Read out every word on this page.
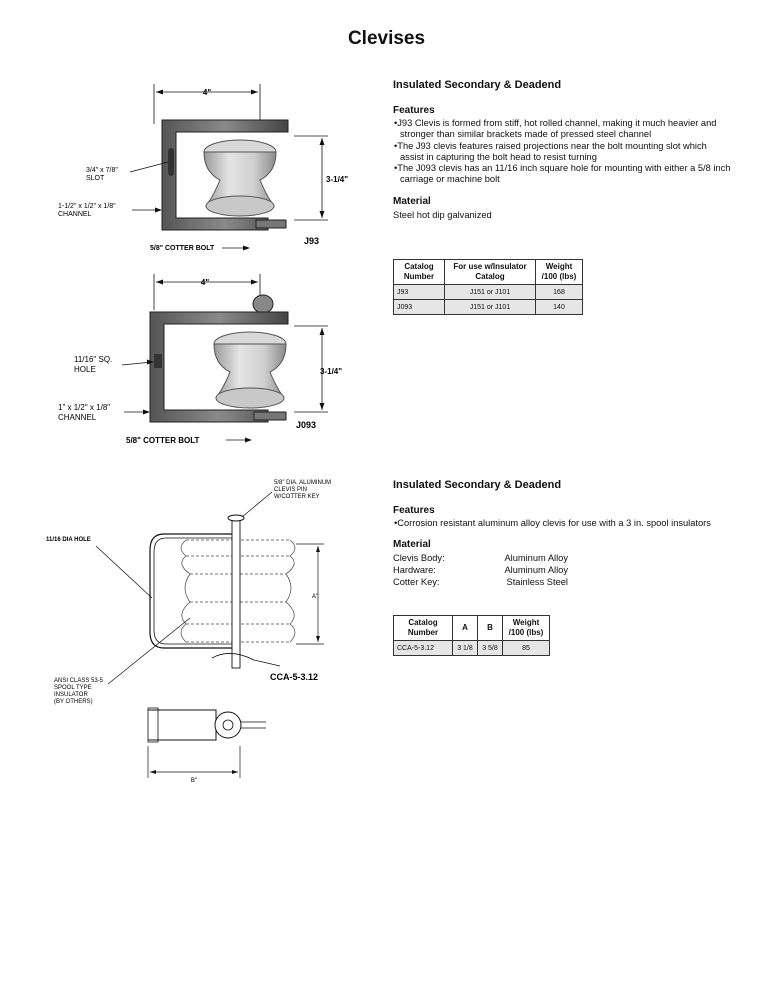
Clevises
4"
3-1/4"
3/4" x 7/8" SLOT
1-1/2" x 1/2" x 1/8" CHANNEL
5/8" COTTER BOLT
J93
4"
3-1/4"
11/16" SQ. HOLE
1" x 1/2" x 1/8" CHANNEL
5/8" COTTER BOLT
J093
5/8" DIA. ALUMINUM CLEVIS PIN W/COTTER KEY
11/16 DIA HOLE
A"
ANSI CLASS 53-5 SPOOL TYPE INSULATOR (BY OTHERS)
CCA-5-3.12
B"
Insulated Secondary & Deadend
Features
• J93 Clevis is formed from stiff, hot rolled channel, making it much heavier and stronger than similar brackets made of pressed steel channel
• The J93 clevis features raised projections near the bolt mounting slot which assist in capturing the bolt head to resist turning
• The J093 clevis has an 11/16 inch square hole for mounting with either a 5/8 inch carriage or machine bolt
Material
Steel hot dip galvanized
Catalog Number	For use w/Insulator Catalog	Weight /100 (lbs)
J93	J151 or J101	168
J093	J151 or J101	140
Insulated Secondary & Deadend
Features
• Corrosion resistant aluminum alloy clevis for use with a 3 in. spool insulators
Material
Clevis Body:	Aluminum Alloy
Hardware:	Aluminum Alloy
Cotter Key:	Stainless Steel
Catalog Number	A	B	Weight /100 (lbs)
CCA-5-3.12	3 1/8	3 5/8	85
